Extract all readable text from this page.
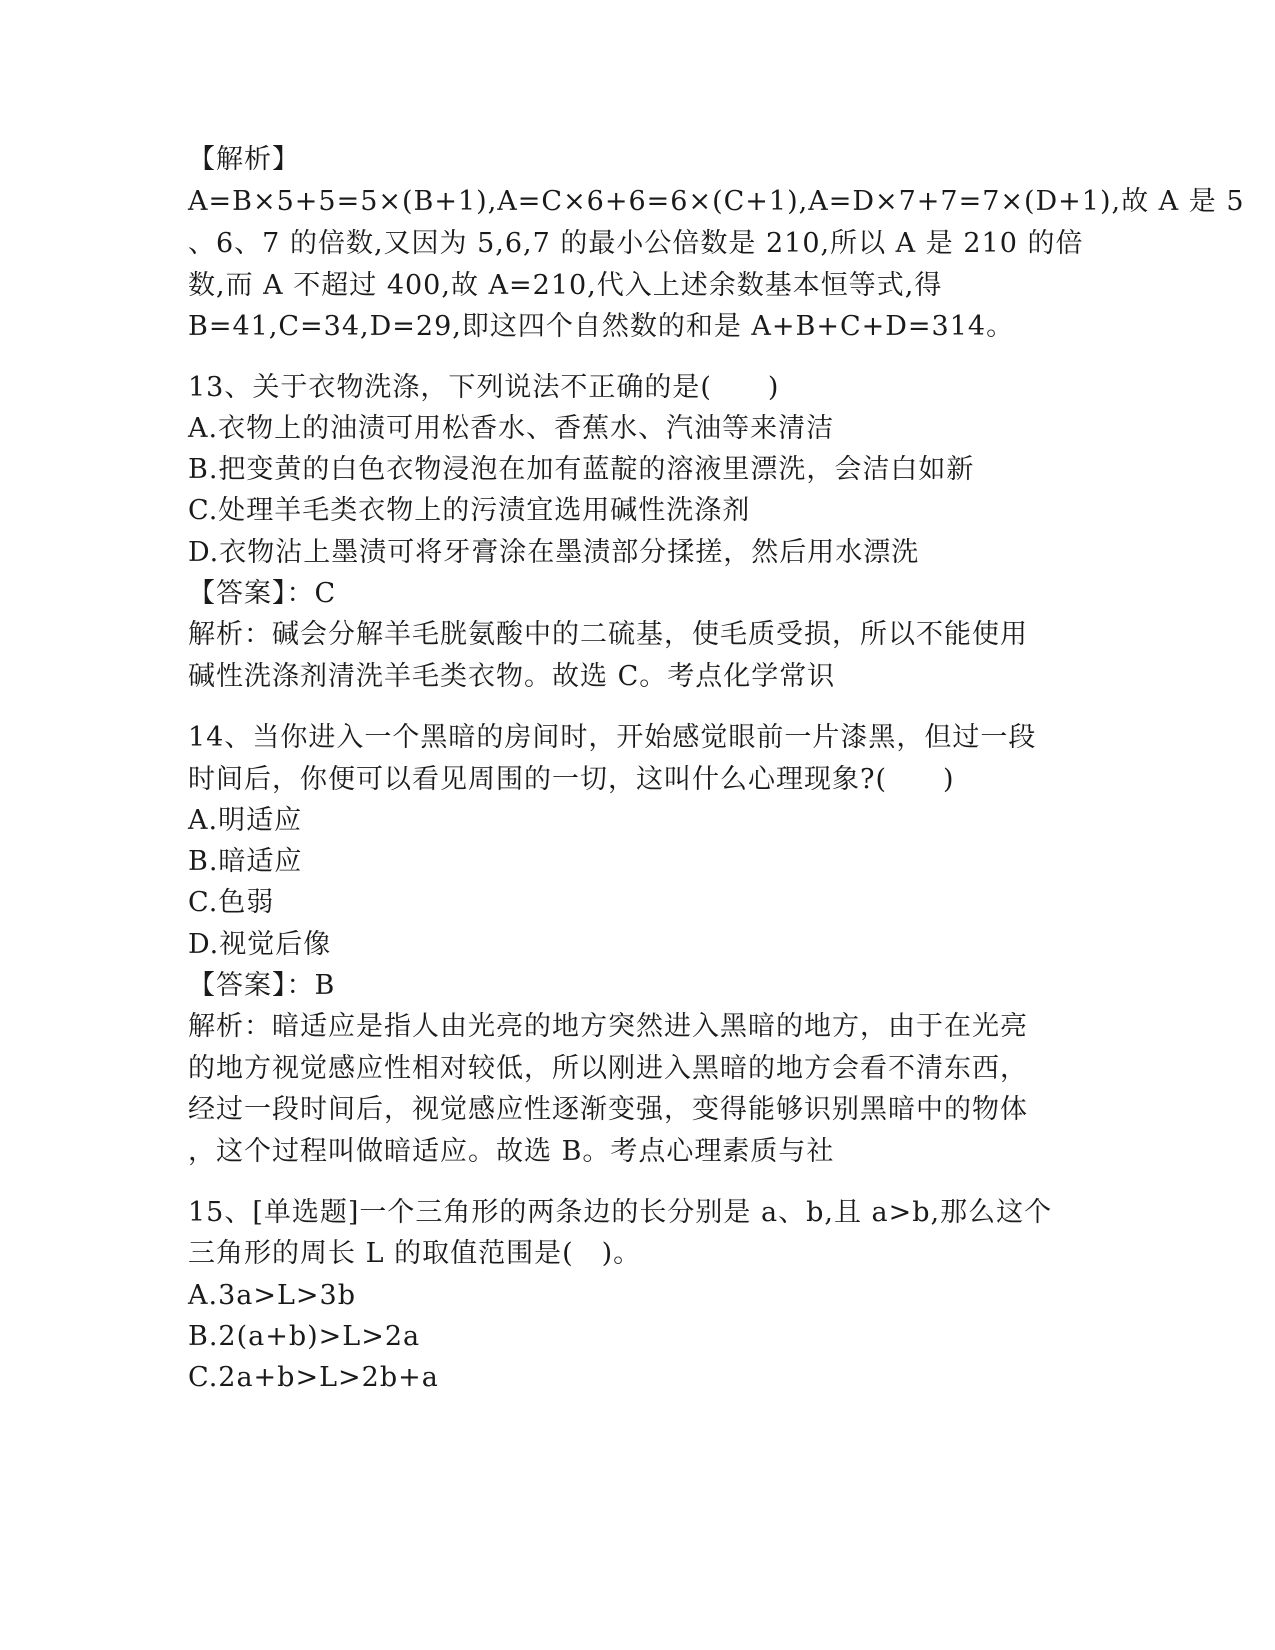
【解析】
A=B×5+5=5×(B+1),A=C×6+6=6×(C+1),A=D×7+7=7×(D+1),故 A 是 5
、6、7 的倍数,又因为 5,6,7 的最小公倍数是 210,所以 A 是 210 的倍
数,而 A 不超过 400,故 A=210,代入上述余数基本恒等式,得
B=41,C=34,D=29,即这四个自然数的和是 A+B+C+D=314。
13、关于衣物洗涤，下列说法不正确的是(　　)
A.衣物上的油渍可用松香水、香蕉水、汽油等来清洁
B.把变黄的白色衣物浸泡在加有蓝靛的溶液里漂洗，会洁白如新
C.处理羊毛类衣物上的污渍宜选用碱性洗涤剂
D.衣物沾上墨渍可将牙膏涂在墨渍部分揉搓，然后用水漂洗
【答案】：C
解析：碱会分解羊毛胱氨酸中的二硫基，使毛质受损，所以不能使用
碱性洗涤剂清洗羊毛类衣物。故选 C。考点化学常识
14、当你进入一个黑暗的房间时，开始感觉眼前一片漆黑，但过一段
时间后，你便可以看见周围的一切，这叫什么心理现象?(　　)
A.明适应
B.暗适应
C.色弱
D.视觉后像
【答案】：B
解析：暗适应是指人由光亮的地方突然进入黑暗的地方，由于在光亮
的地方视觉感应性相对较低，所以刚进入黑暗的地方会看不清东西，
经过一段时间后，视觉感应性逐渐变强，变得能够识别黑暗中的物体
，这个过程叫做暗适应。故选 B。考点心理素质与社
15、[单选题]一个三角形的两条边的长分别是 a、b,且 a>b,那么这个
三角形的周长 L 的取值范围是(　)。
A.3a>L>3b
B.2(a+b)>L>2a
C.2a+b>L>2b+a
